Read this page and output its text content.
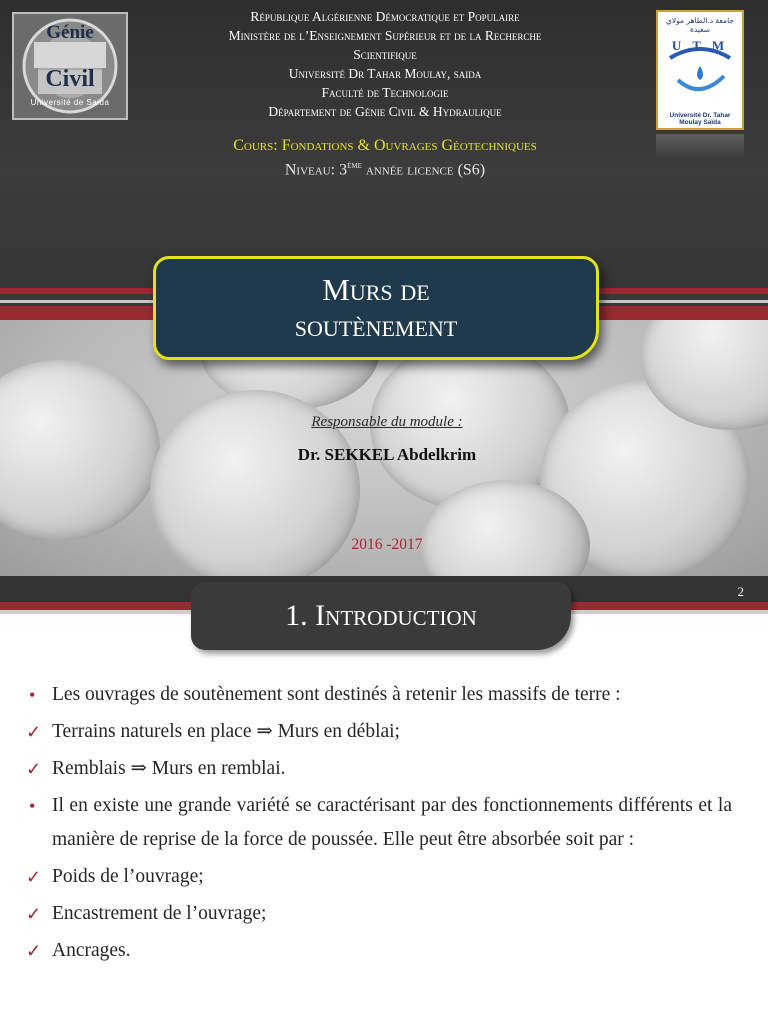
Génie
Civil
Université de Saida
جامعة د.الطاهر مولاي سعيدة
U T M
Université Dr. Tahar Moulay Saïda
République Algérienne Démocratique et Populaire
Ministère de l’Enseignement Supérieur et de la Recherche
Scientifique
Université Dr Tahar Moulay, saida
Faculté de Technologie
Département de Génie Civil & Hydraulique
Cours: Fondations & Ouvrages Géotechniques
Niveau: 3ème année licence (S6)
Murs de
soutènement
Responsable du module :
Dr. SEKKEL Abdelkrim
2016 -2017
2
1. Introduction
• Les ouvrages de soutènement sont destinés à retenir les massifs de terre :
✓ Terrains naturels en place ⇒ Murs en déblai;
✓ Remblais ⇒ Murs en remblai.
• Il en existe une grande variété se caractérisant par des fonctionnements différents et la manière de reprise de la force de poussée. Elle peut être absorbée soit par :
✓ Poids de l’ouvrage;
✓ Encastrement de l’ouvrage;
✓ Ancrages.
